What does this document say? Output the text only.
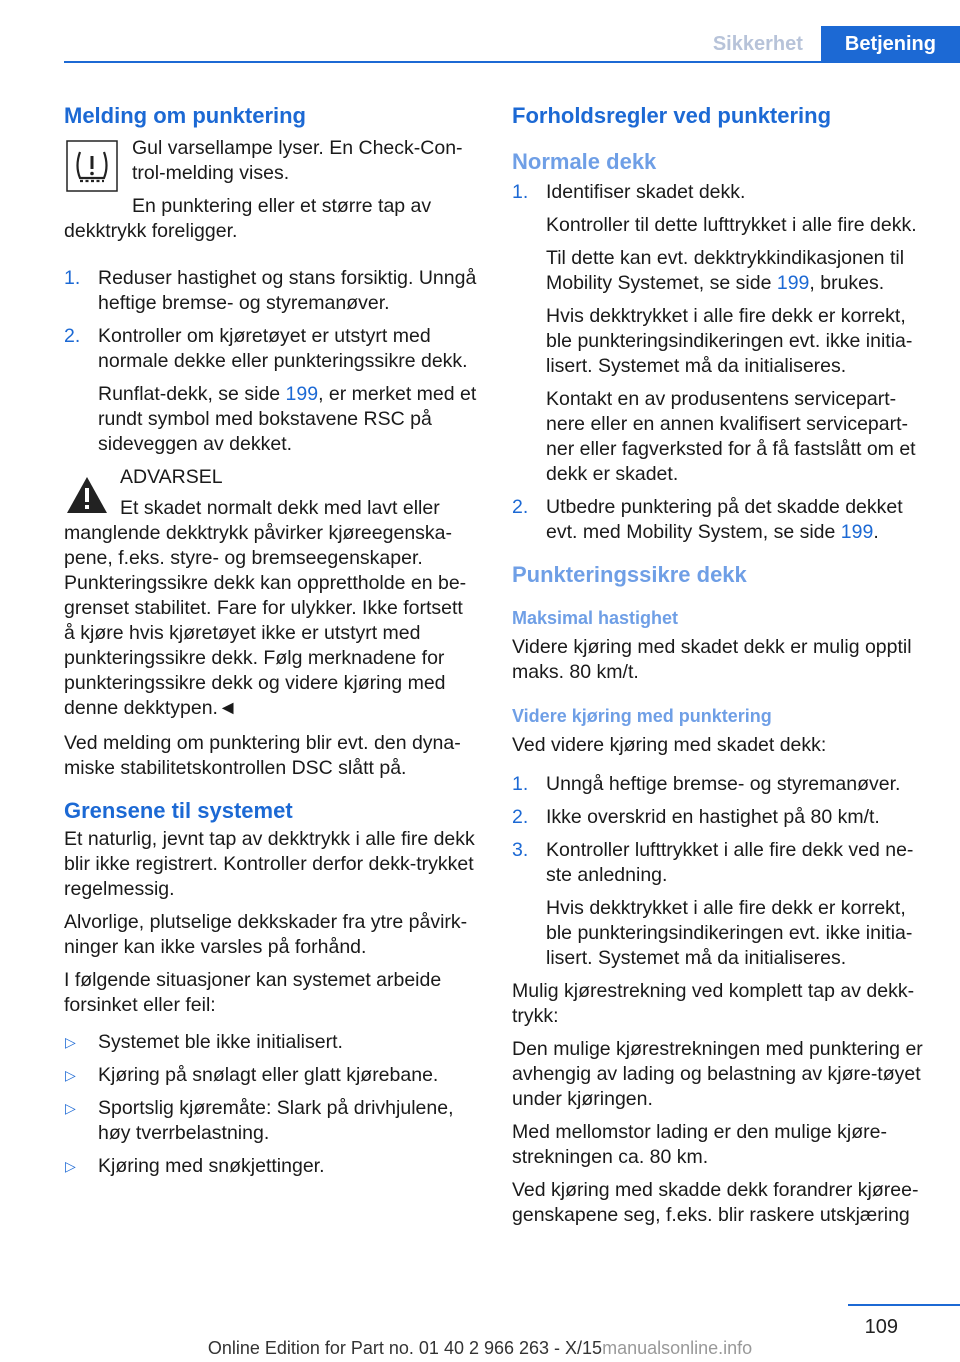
Sikkerhet	Betjening
Melding om punktering

Gul varsellampe lyser. En Check-Con-trol-melding vises.

En punktering eller et større tap av dekktrykk foreligger.

1. Reduser hastighet og stans forsiktig. Unngå heftige bremse- og styremanøver.

2. Kontroller om kjøretøyet er utstyrt med normale dekke eller punkteringssikre dekk.

Runflat-dekk, se side 199, er merket med et rundt symbol med bokstavene RSC på sideveggen av dekket.

ADVARSEL

Et skadet normalt dekk med lavt eller manglende dekktrykk påvirker kjøreegenska-pene, f.eks. styre- og bremseegenskaper. Punkteringssikre dekk kan opprettholde en be-grenset stabilitet. Fare for ulykker. Ikke fortsett å kjøre hvis kjøretøyet ikke er utstyrt med punkteringssikre dekk. Følg merknadene for punkteringssikre dekk og videre kjøring med denne dekktypen.◄

Ved melding om punktering blir evt. den dyna-miske stabilitetskontrollen DSC slått på.

Grensene til systemet

Et naturlig, jevnt tap av dekktrykk i alle fire dekk blir ikke registrert. Kontroller derfor dekk-trykket regelmessig.

Alvorlige, plutselige dekkskader fra ytre påvirk-ninger kan ikke varsles på forhånd.

I følgende situasjoner kan systemet arbeide forsinket eller feil:

▷ Systemet ble ikke initialisert.
▷ Kjøring på snølagt eller glatt kjørebane.
▷ Sportslig kjøremåte: Slark på drivhjulene, høy tverrbelastning.
▷ Kjøring med snøkjettinger.
Forholdsregler ved punktering
Normale dekk
1. Identifiser skadet dekk.

Kontroller til dette lufttrykket i alle fire dekk.

Til dette kan evt. dekktrykkindikasjonen til Mobility Systemet, se side 199, brukes.

Hvis dekktrykket i alle fire dekk er korrekt, ble punkteringsindikeringen evt. ikke initia-lisert. Systemet må da initialiseres.

Kontakt en av produsentens servicepart-nere eller en annen kvalifisert servicepart-ner eller fagverksted for å få fastslått om et dekk er skadet.

2. Utbedre punktering på det skadde dekket evt. med Mobility System, se side 199.

Punkteringssikre dekk
Maksimal hastighet

Videre kjøring med skadet dekk er mulig opptil maks. 80 km/t.

Videre kjøring med punktering

Ved videre kjøring med skadet dekk:

1. Unngå heftige bremse- og styremanøver.

2. Ikke overskrid en hastighet på 80 km/t.

3. Kontroller lufttrykket i alle fire dekk ved ne-ste anledning.

Hvis dekktrykket i alle fire dekk er korrekt, ble punkteringsindikeringen evt. ikke initia-lisert. Systemet må da initialiseres.

Mulig kjørestrekning ved komplett tap av dekk-trykk:

Den mulige kjørestrekningen med punktering er avhengig av lading og belastning av kjøre-tøyet under kjøringen.

Med mellomstor lading er den mulige kjøre-strekningen ca. 80 km.

Ved kjøring med skadde dekk forandrer kjøree-genskapene seg, f.eks. blir raskere utskjæring

109
Online Edition for Part no. 01 40 2 966 263 - X/15manualsonline.info
